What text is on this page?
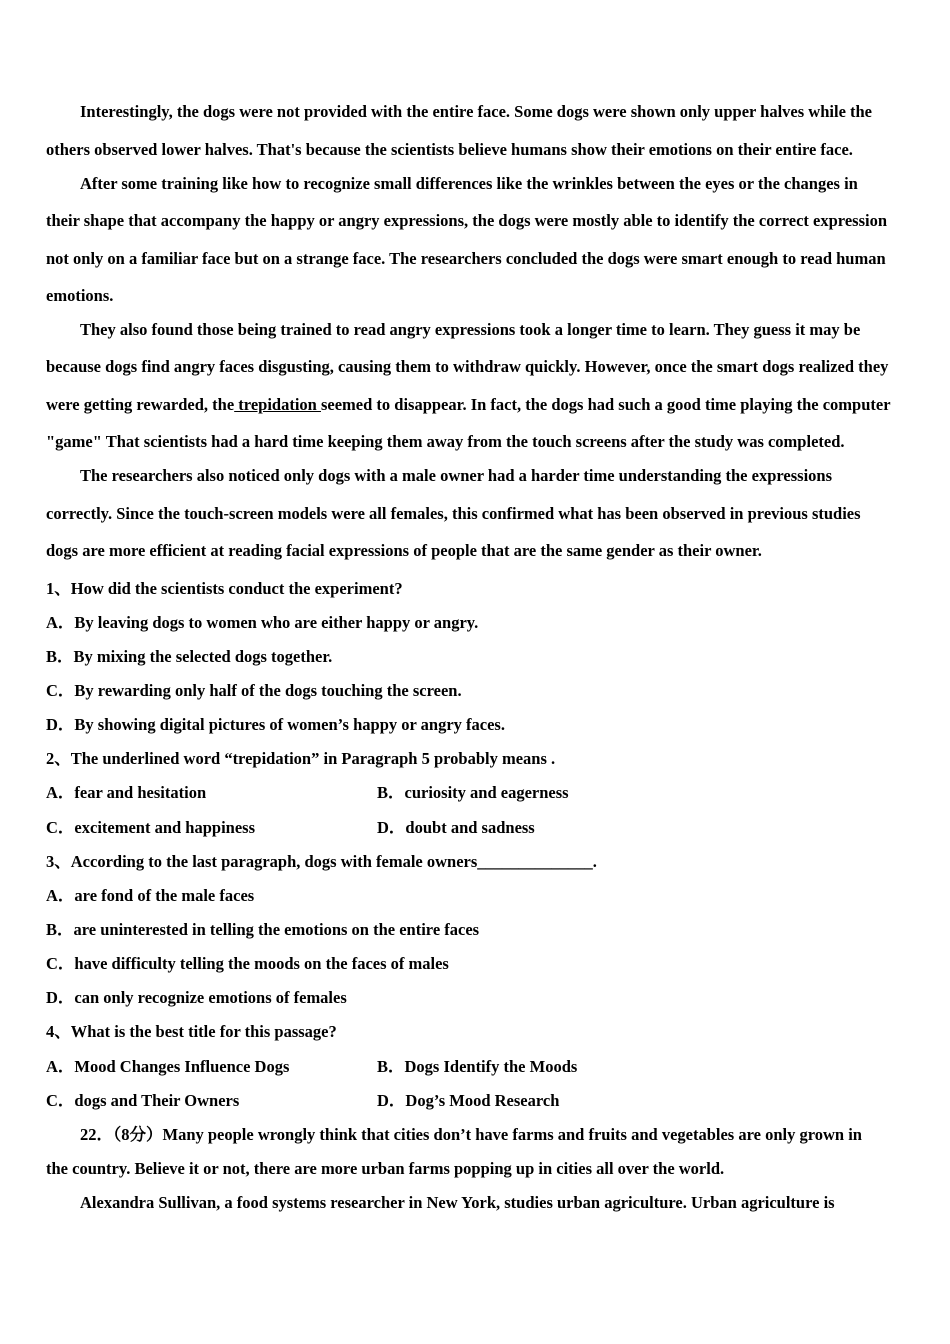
Interestingly, the dogs were not provided with the entire face. Some dogs were shown only upper halves while the
others observed lower halves. That's because the scientists believe humans show their emotions on their entire face.
After some training like how to recognize small differences like the wrinkles between the eyes or the changes in
their shape that accompany the happy or angry expressions, the dogs were mostly able to identify the correct expression
not only on a familiar face but on a strange face. The researchers concluded the dogs were smart enough to read human
emotions.
They also found those being trained to read angry expressions took a longer time to learn. They guess it may be
because dogs find angry faces disgusting, causing them to withdraw quickly. However, once the smart dogs realized they
were getting rewarded, the trepidation seemed to disappear. In fact, the dogs had such a good time playing the computer
"game" That scientists had a hard time keeping them away from the touch screens after the study was completed.
The researchers also noticed only dogs with a male owner had a harder time understanding the expressions
correctly. Since the touch-screen models were all females, this confirmed what has been observed in previous studies
dogs are more efficient at reading facial expressions of people that are the same gender as their owner.
1、How did the scientists conduct the experiment?
A．By leaving dogs to women who are either happy or angry.
B．By mixing the selected dogs together.
C．By rewarding only half of the dogs touching the screen.
D．By showing digital pictures of women’s happy or angry faces.
2、The underlined word “trepidation” in Paragraph 5 probably means .
A．fear and hesitation	B．curiosity and eagerness
C．excitement and happiness	D．doubt and sadness
3、According to the last paragraph, dogs with female owners______________.
A．are fond of the male faces
B．are uninterested in telling the emotions on the entire faces
C．have difficulty telling the moods on the faces of males
D．can only recognize emotions of females
4、What is the best title for this passage?
A．Mood Changes Influence Dogs	B．Dogs Identify the Moods
C．dogs and Their Owners	D．Dog’s Mood Research
22．（8分）Many people wrongly think that cities don’t have farms and fruits and vegetables are only grown in
the country. Believe it or not, there are more urban farms popping up in cities all over the world.
Alexandra Sullivan, a food systems researcher in New York, studies urban agriculture. Urban agriculture is
